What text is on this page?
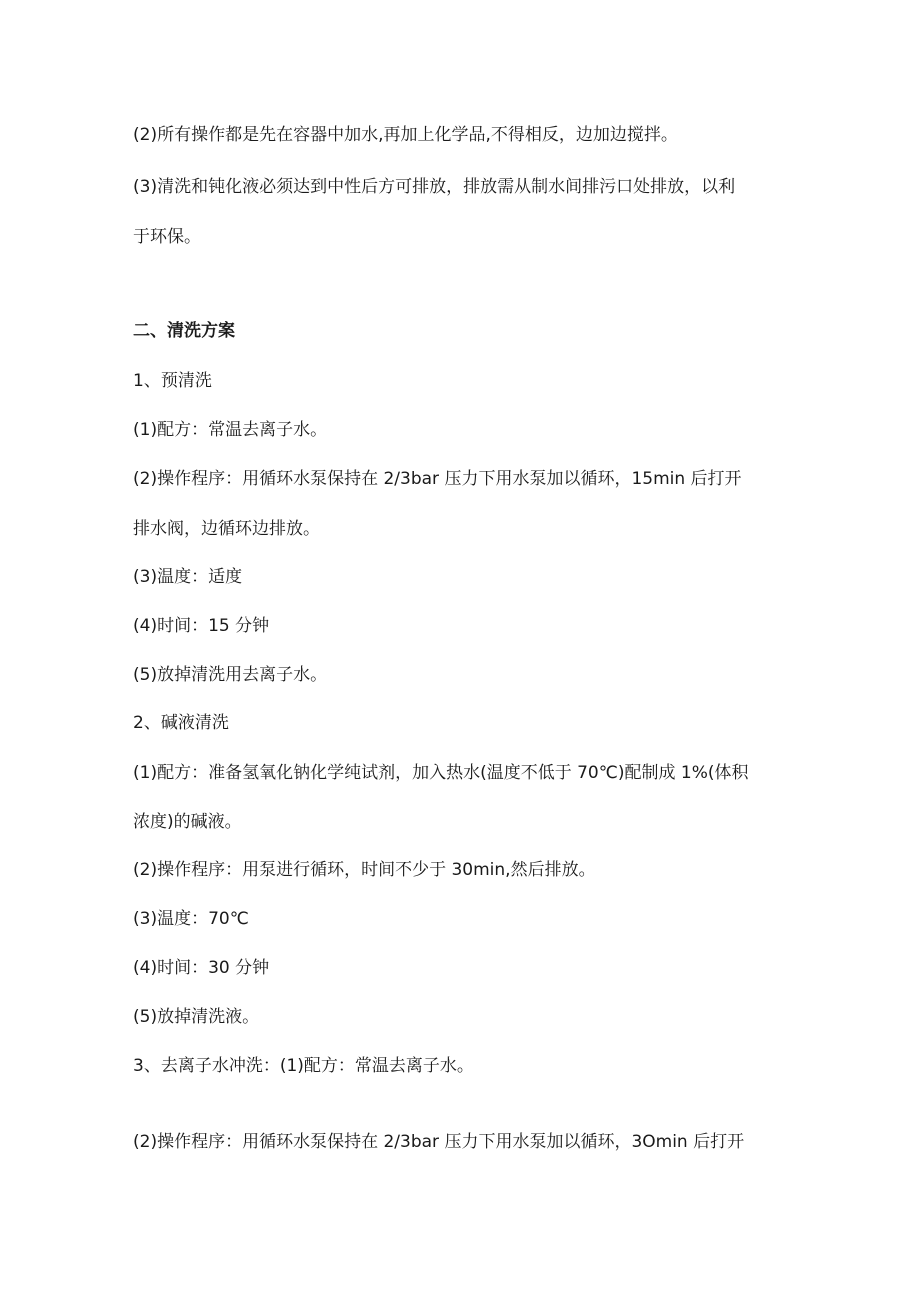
(2)所有操作都是先在容器中加水,再加上化学品,不得相反，边加边搅拌。
(3)清洗和钝化液必须达到中性后方可排放，排放需从制水间排污口处排放，以利
于环保。
二、清洗方案
1、预清洗
(1)配方：常温去离子水。
(2)操作程序：用循环水泵保持在 2∕3bar 压力下用水泵加以循环，15min 后打开
排水阀，边循环边排放。
(3)温度：适度
(4)时间：15 分钟
(5)放掉清洗用去离子水。
2、碱液清洗
(1)配方：准备氢氧化钠化学纯试剂，加入热水(温度不低于 70℃)配制成 1%(体积
浓度)的碱液。
(2)操作程序：用泵进行循环，时间不少于 30min,然后排放。
(3)温度：70℃
(4)时间：30 分钟
(5)放掉清洗液。
3、去离子水冲洗：(1)配方：常温去离子水。
(2)操作程序：用循环水泵保持在 2∕3bar 压力下用水泵加以循环，3Omin 后打开
